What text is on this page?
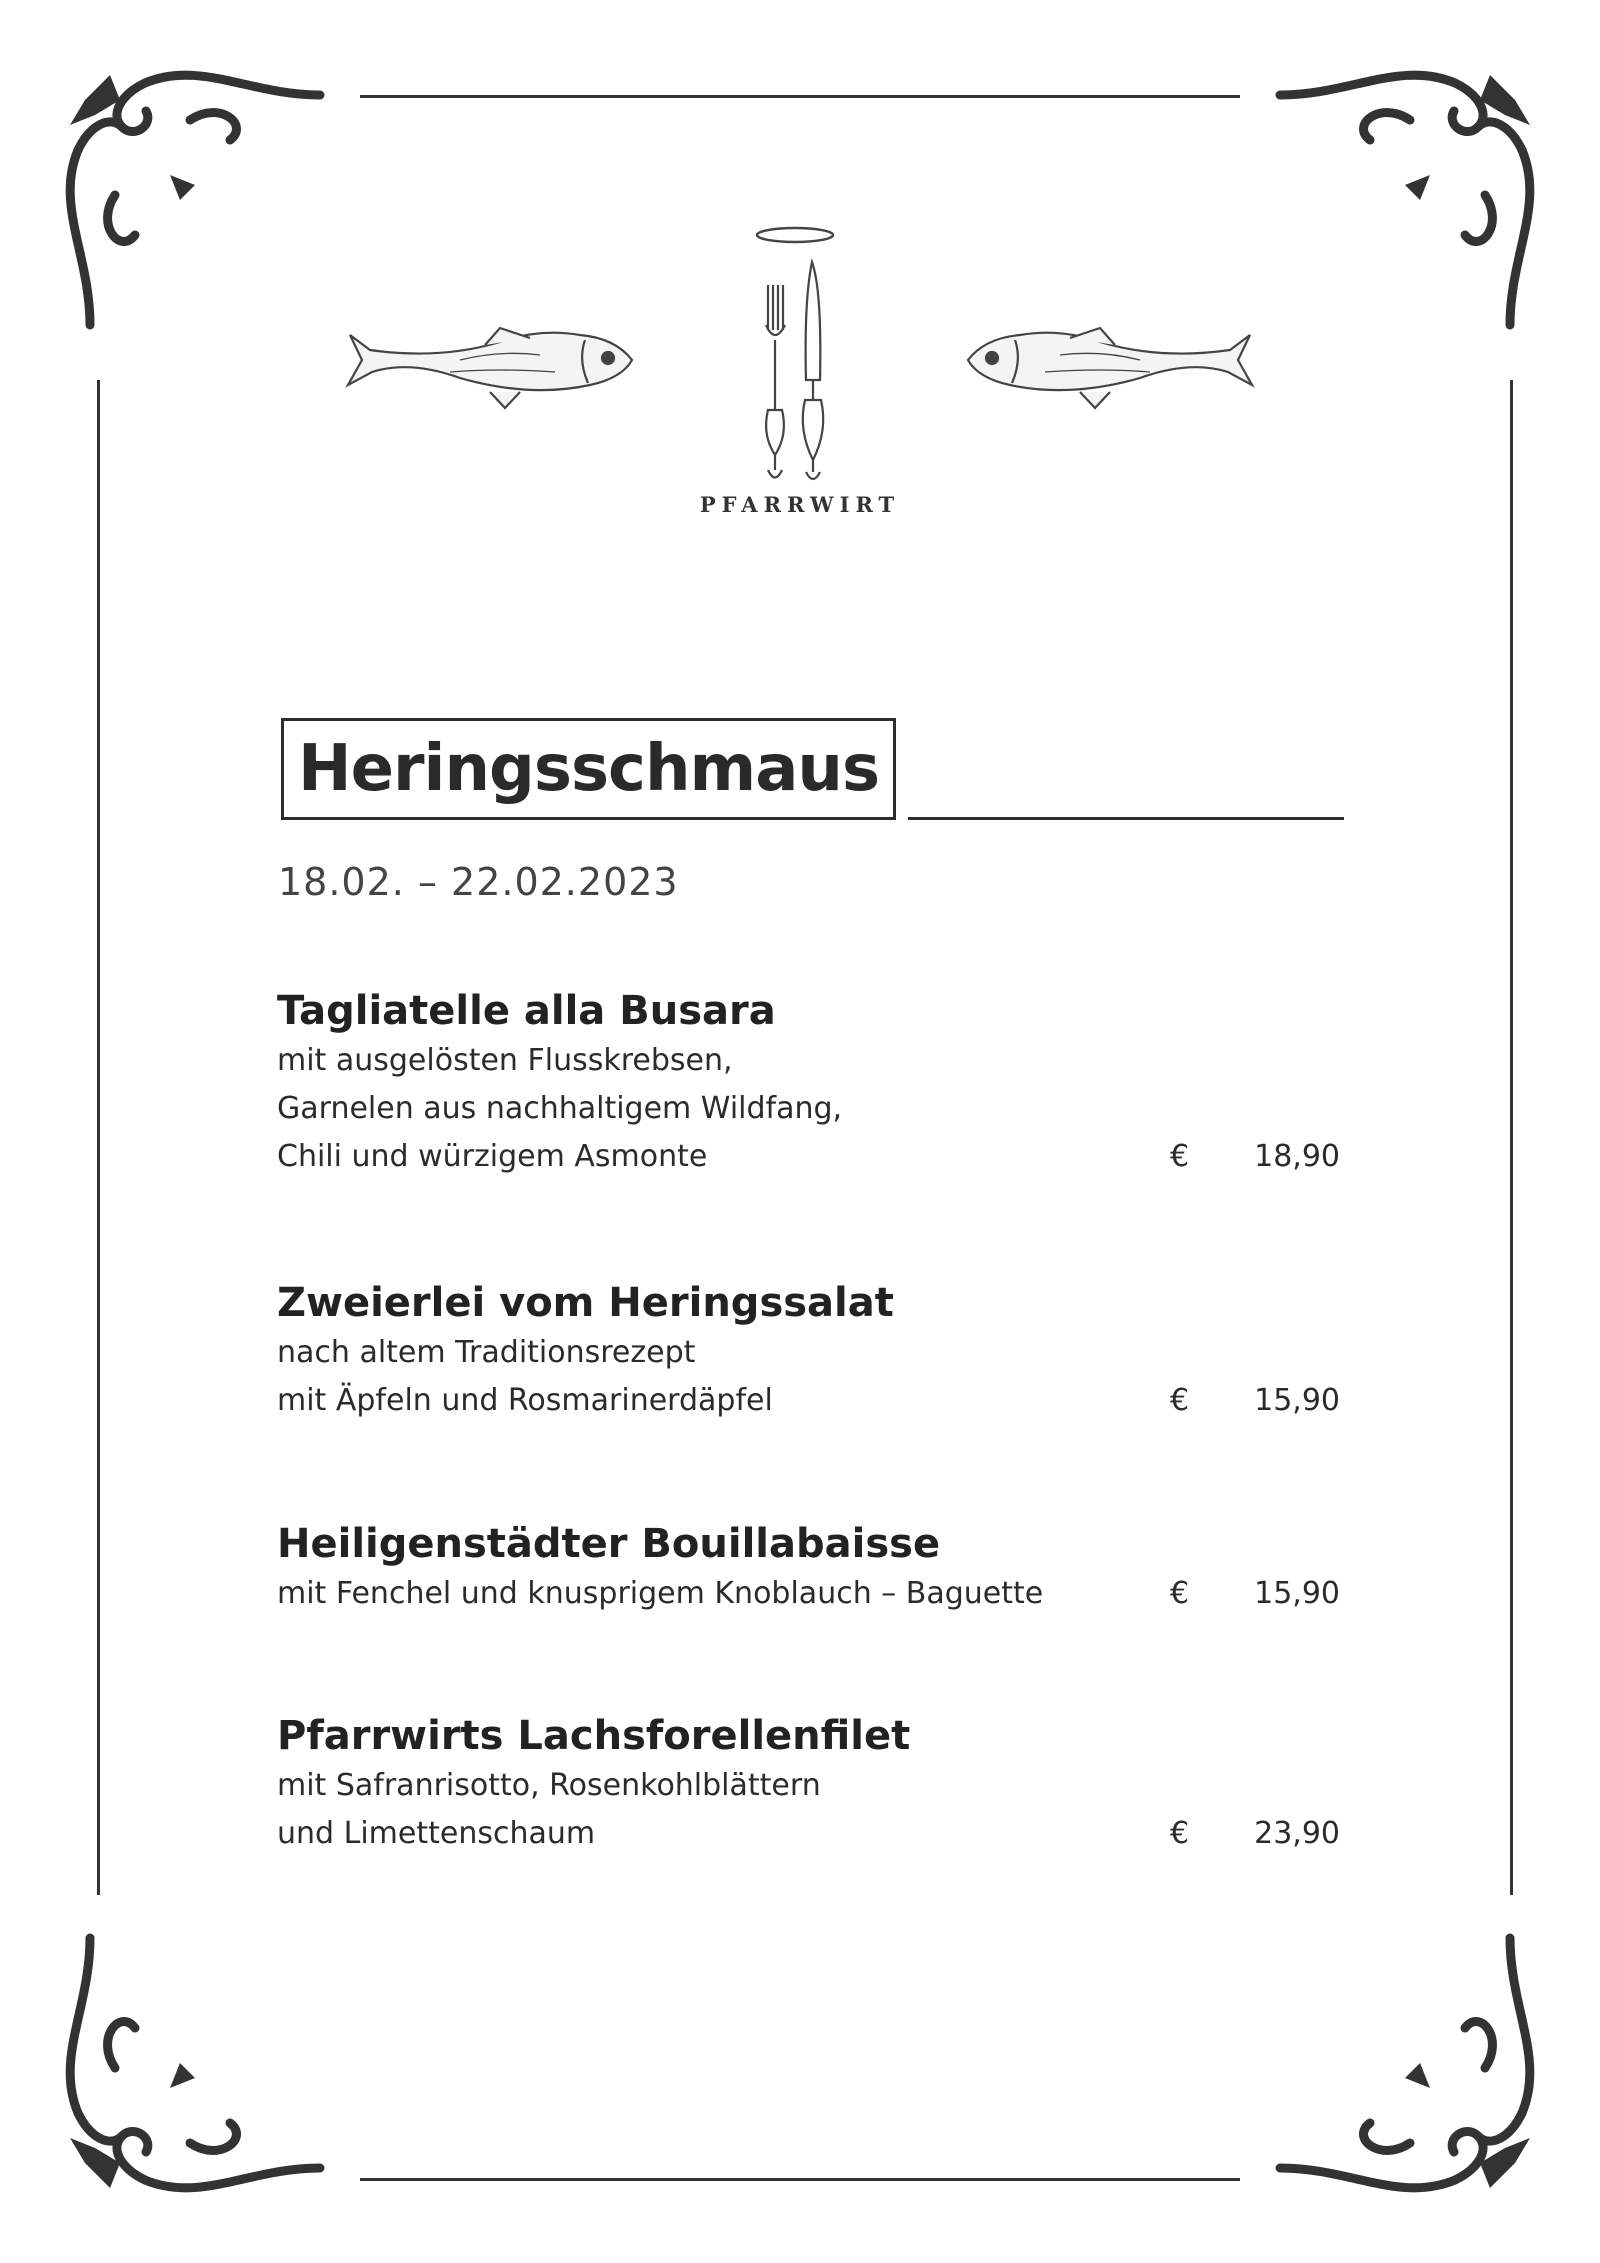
PFARRWIRT
Heringsschmaus
18.02. – 22.02.2023
Tagliatelle alla Busara
mit ausgelösten Flusskrebsen,
Garnelen aus nachhaltigem Wildfang,
Chili und würzigem Asmonte	€ 18,90
Zweierlei vom Heringssalat
nach altem Traditionsrezept
mit Äpfeln und Rosmarinerdäpfel	€ 15,90
Heiligenstädter Bouillabaisse
mit Fenchel und knusprigem Knoblauch – Baguette	€ 15,90
Pfarrwirts Lachsforellenfilet
mit Safranrisotto, Rosenkohlblättern
und Limettenschaum	€ 23,90
